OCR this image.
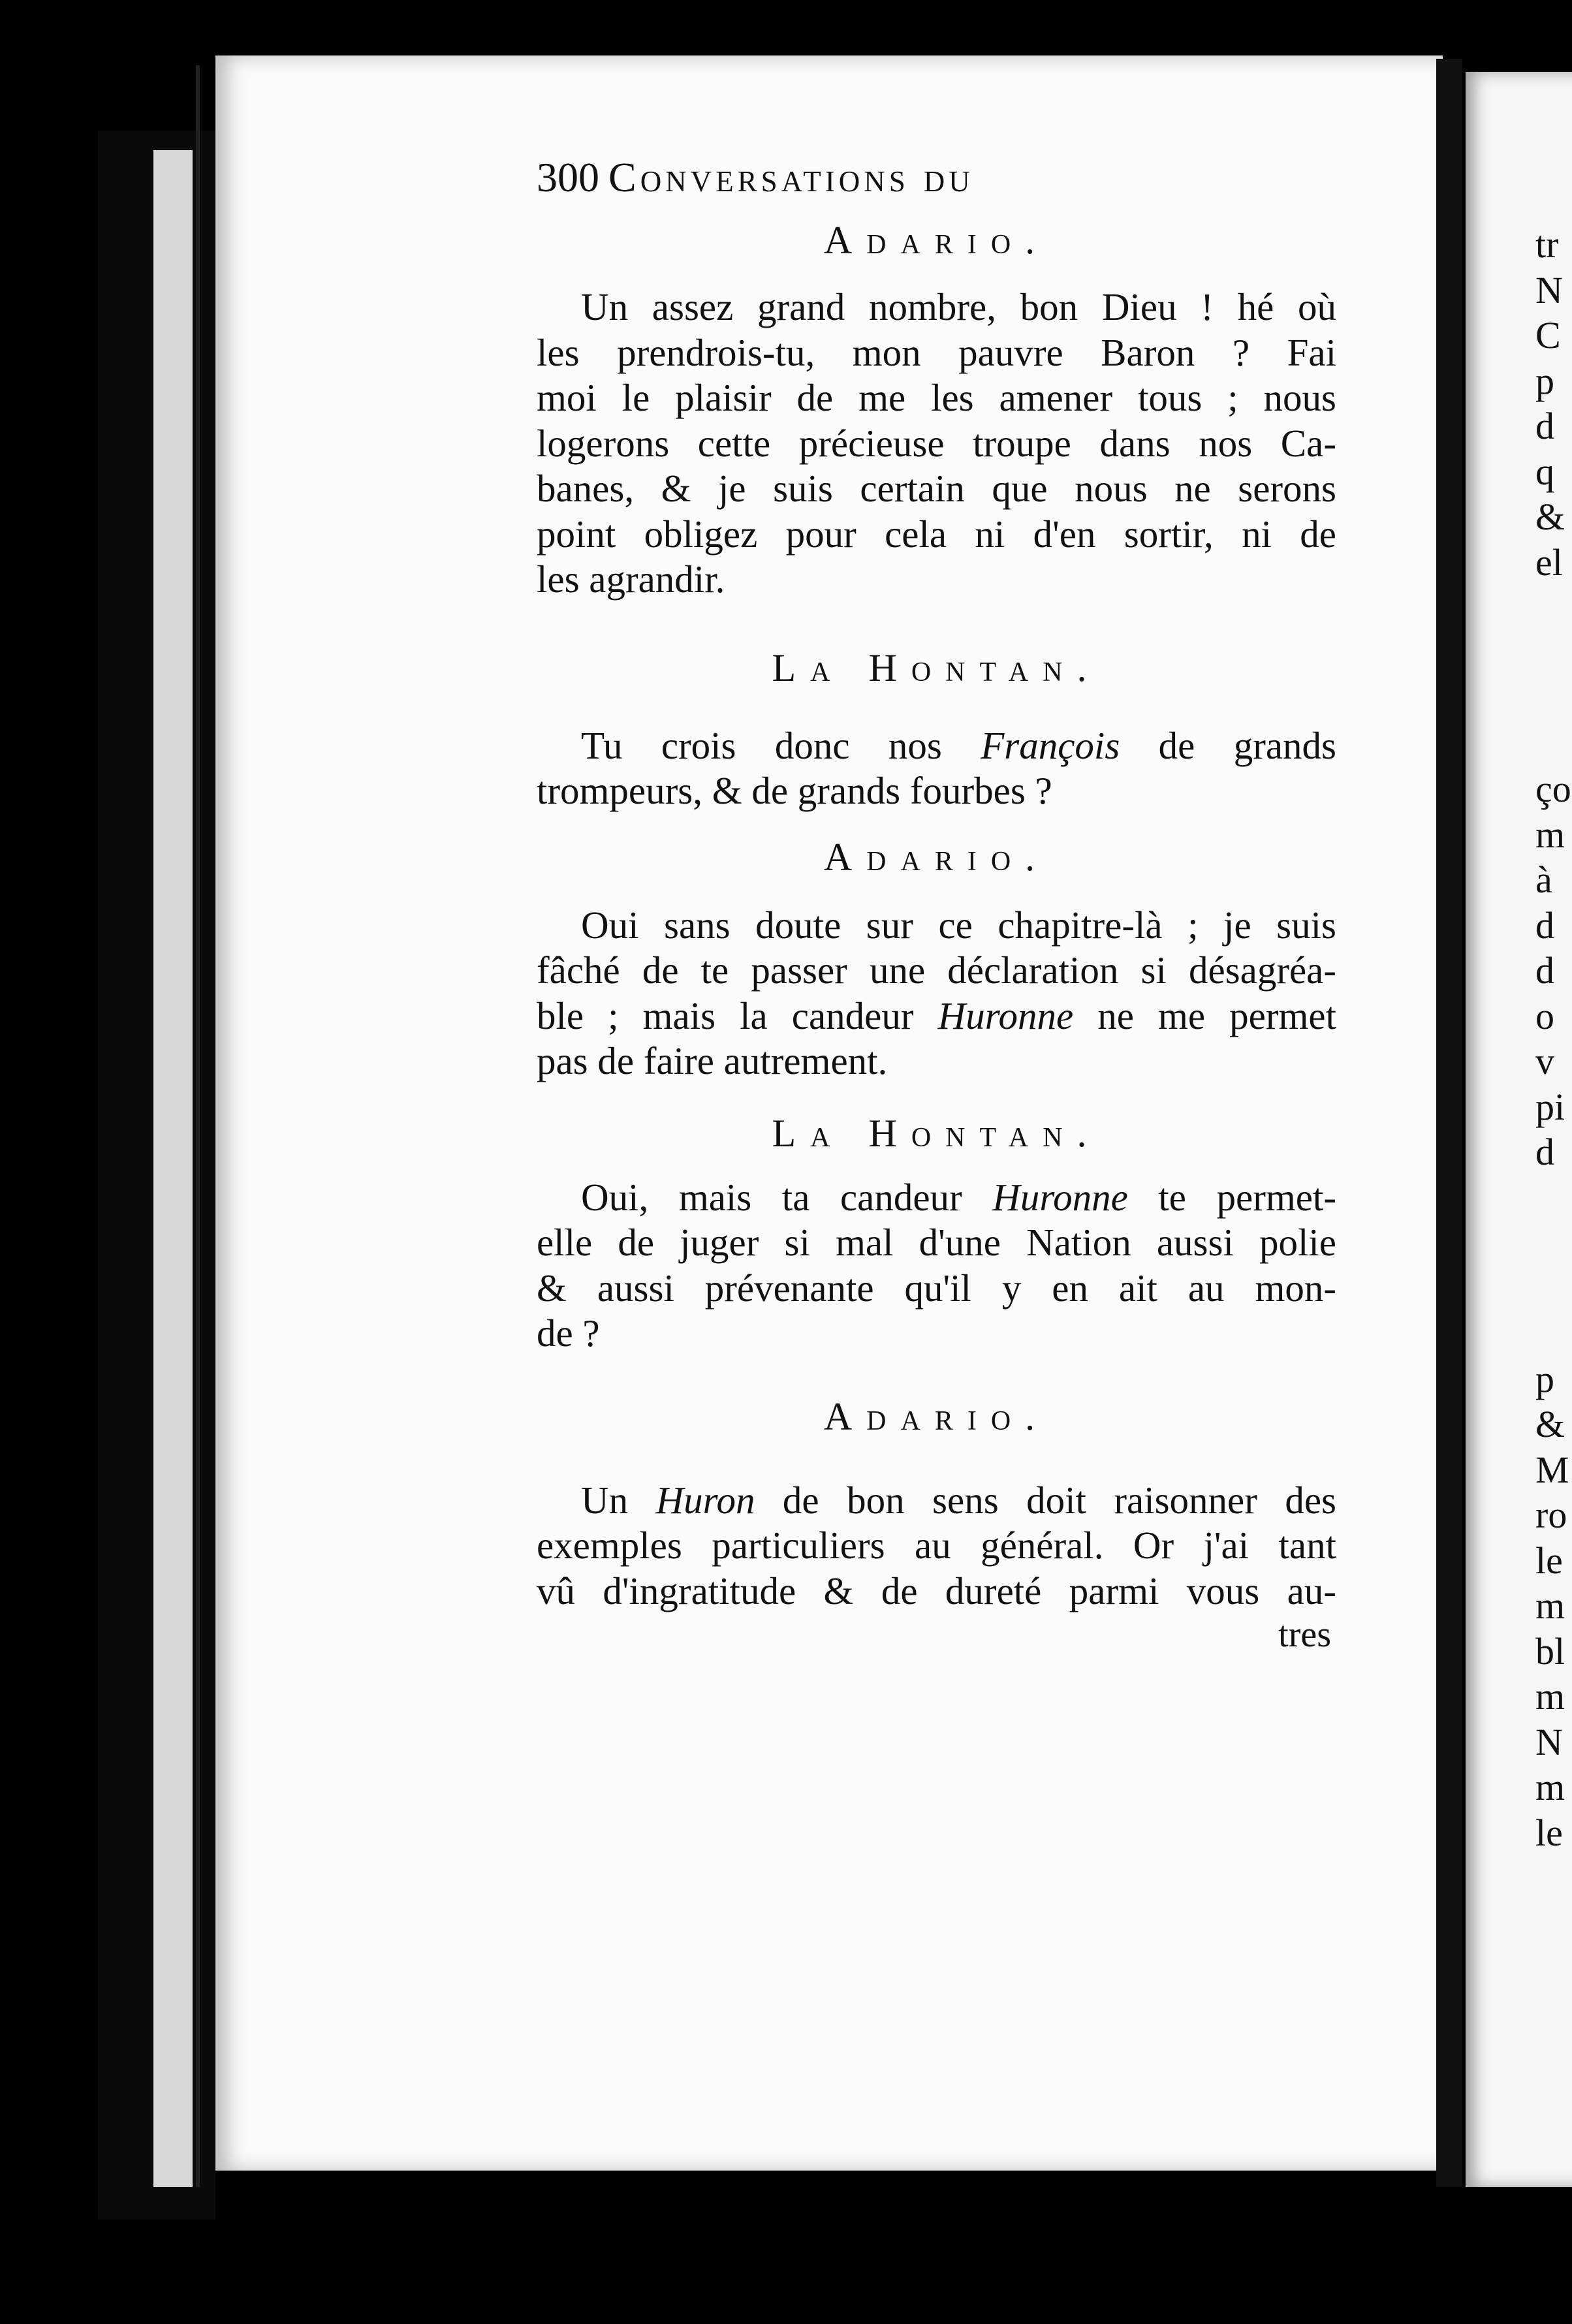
300 Conversations du

Adario.

Un assez grand nombre, bon Dieu ! hé où
les prendrois-tu, mon pauvre Baron ? Fai
moi le plaisir de me les amener tous ; nous
logerons cette précieuse troupe dans nos Ca-
banes, & je suis certain que nous ne serons
point obligez pour cela ni d'en sortir, ni de
les agrandir.

La Hontan.

Tu crois donc nos François de grands
trompeurs, & de grands fourbes ?

Adario.

Oui sans doute sur ce chapitre-là ; je suis
fâché de te passer une déclaration si désagréa-
ble ; mais la candeur Huronne ne me permet
pas de faire autrement.

La Hontan.

Oui, mais ta candeur Huronne te permet-
elle de juger si mal d'une Nation aussi polie
& aussi prévenante qu'il y en ait au mon-
de ?

Adario.

Un Huron de bon sens doit raisonner des
exemples particuliers au général. Or j'ai tant
vû d'ingratitude & de dureté parmi vous au-

tres

tr
N
C
p
d
q
&
el
ço
m
à
d
d
o
v
pi
d
p
&
M
ro
le
m
bl
m
N
m
le
